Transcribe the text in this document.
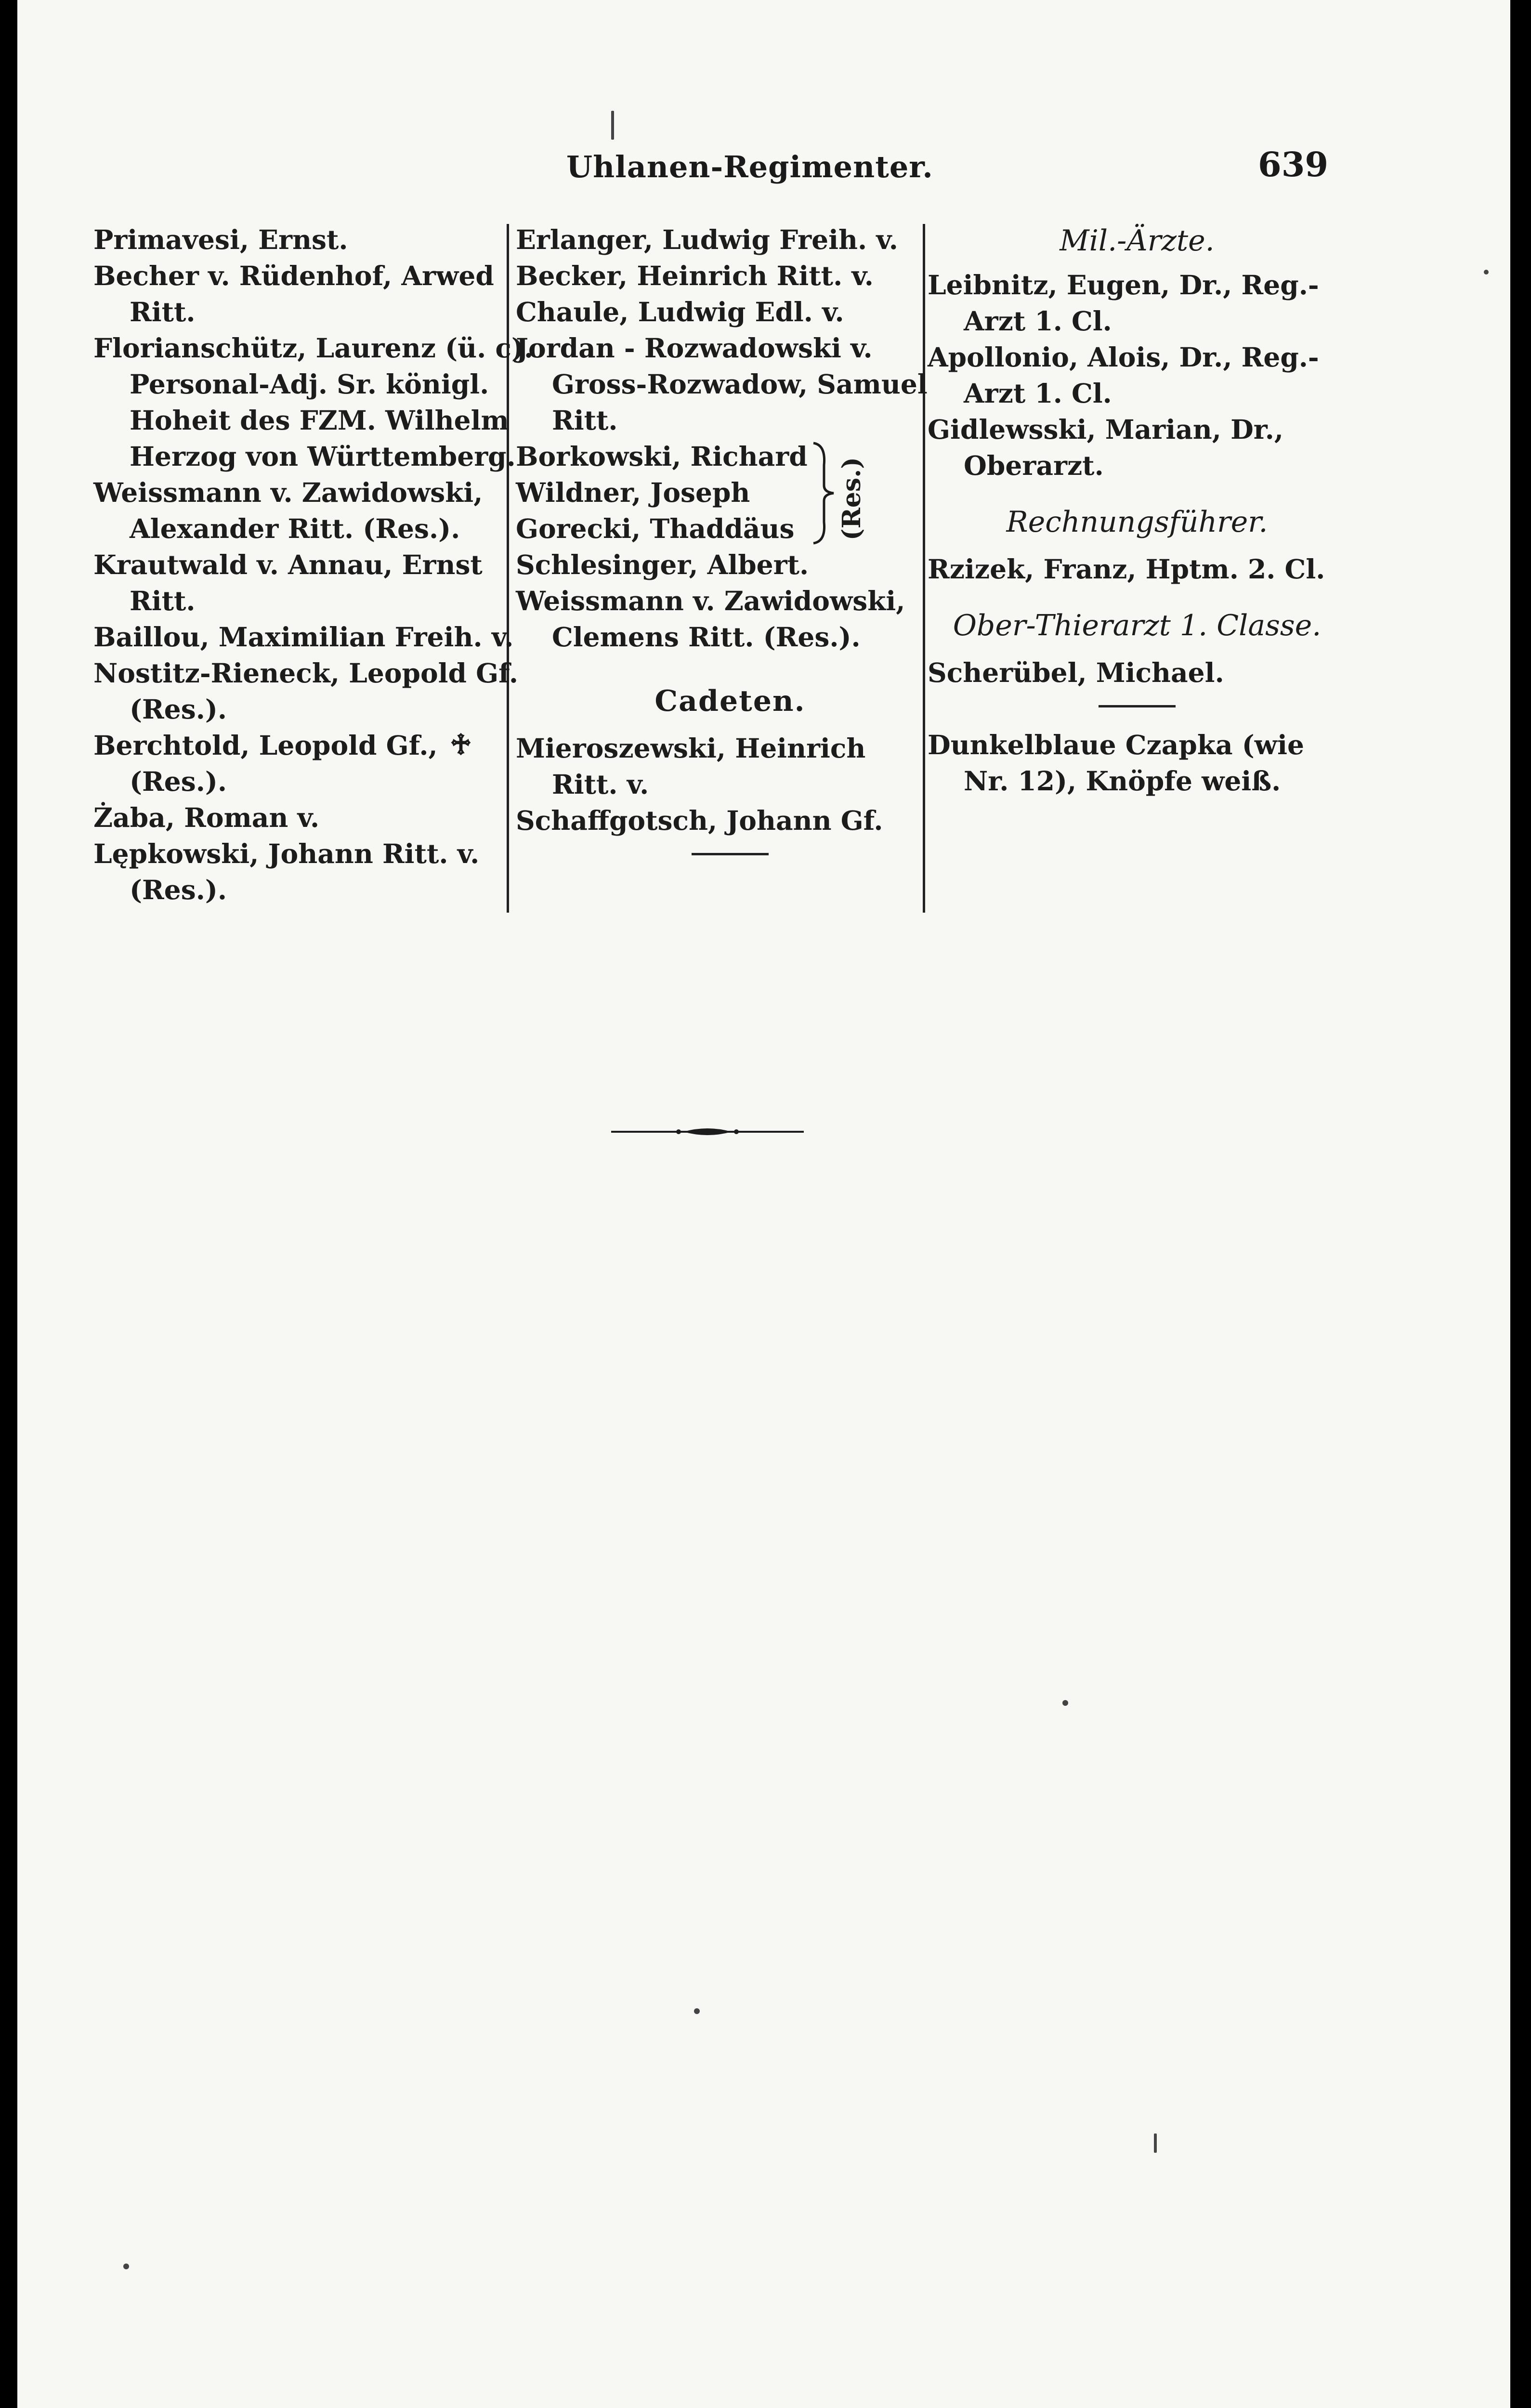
Uhlanen-Regimenter.	639
Primavesi, Ernst.
Becher v. Rüdenhof, Arwed
Ritt.
Florianschütz, Laurenz (ü. c).
Personal-Adj. Sr. königl.
Hoheit des FZM. Wilhelm
Herzog von Württemberg.
Weissmann v. Zawidowski,
Alexander Ritt. (Res.).
Krautwald v. Annau, Ernst
Ritt.
Baillou, Maximilian Freih. v.
Nostitz-Rieneck, Leopold Gf.
(Res.).
Berchtold, Leopold Gf.,
(Res.).
♱
Żaba, Roman v.
Lępkowski, Johann Ritt. v.
(Res.).
Erlanger, Ludwig Freih. v.
Becker, Heinrich Ritt. v.
Chaule, Ludwig Edl. v.
Jordan - Rozwadowski v.
Gross-Rozwadow, Samuel
Ritt.
Borkowski, Richard
Wildner, Joseph
Gorecki, Thaddäus	(Res.)
Schlesinger, Albert.
Weissmann v. Zawidowski,
Clemens Ritt. (Res.).
Cadeten.
Mieroszewski, Heinrich
Ritt. v.
Schaffgotsch, Johann Gf.
Mil.-Ärzte.
Leibnitz, Eugen, Dr., Reg.-
Arzt 1. Cl.
Apollonio, Alois, Dr., Reg.-
Arzt 1. Cl.
Gidlewsski, Marian, Dr.,
Oberarzt.
Rechnungsführer.
Rzizek, Franz, Hptm. 2. Cl.
Ober-Thierarzt 1. Classe.
Scherübel, Michael.
Dunkelblaue Czapka (wie
Nr. 12), Knöpfe weiß.
